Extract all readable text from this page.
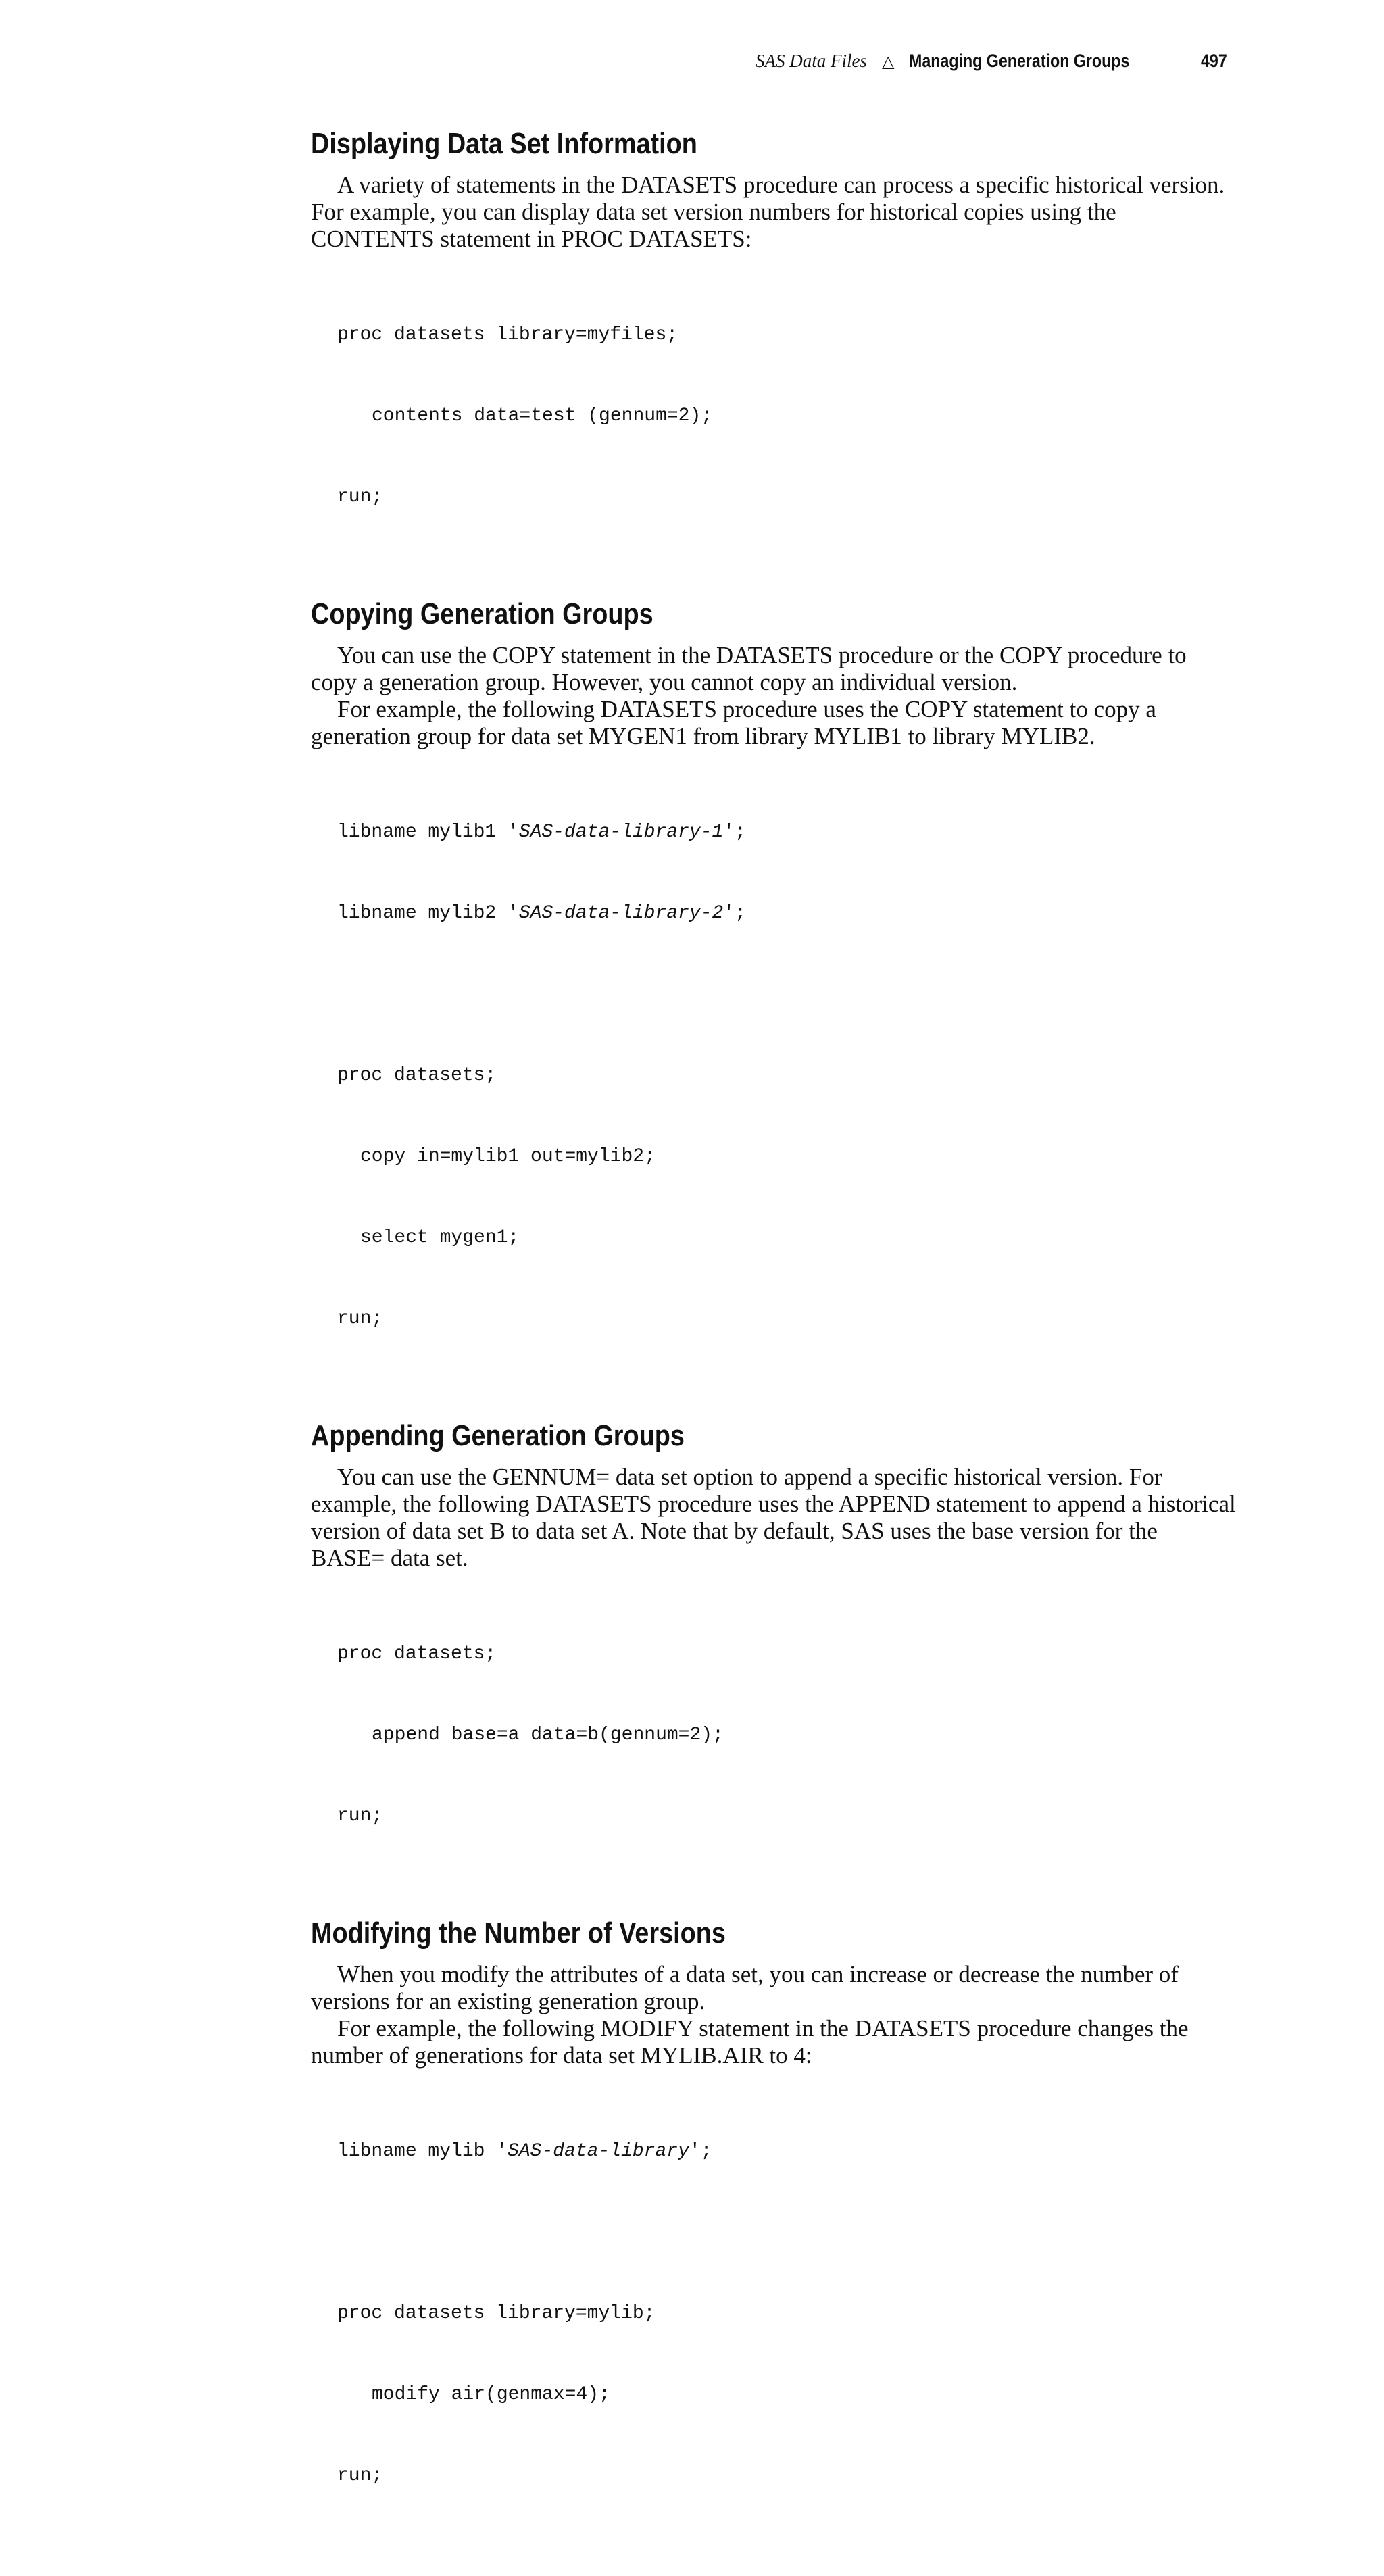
SAS Data Files △ Managing Generation Groups	497
Displaying Data Set Information

A variety of statements in the DATASETS procedure can process a specific historical version. For example, you can display data set version numbers for historical copies using the CONTENTS statement in PROC DATASETS:

proc datasets library=myfiles;

contents data=test (gennum=2);

run;

Copying Generation Groups

You can use the COPY statement in the DATASETS procedure or the COPY procedure to copy a generation group. However, you cannot copy an individual version.

For example, the following DATASETS procedure uses the COPY statement to copy a generation group for data set MYGEN1 from library MYLIB1 to library MYLIB2.

libname mylib1 'SAS-data-library-1';

libname mylib2 'SAS-data-library-2';

proc datasets;

copy in=mylib1 out=mylib2;

select mygen1;

run;

Appending Generation Groups

You can use the GENNUM= data set option to append a specific historical version. For example, the following DATASETS procedure uses the APPEND statement to append a historical version of data set B to data set A. Note that by default, SAS uses the base version for the BASE= data set.

proc datasets;

append base=a data=b(gennum=2);

run;

Modifying the Number of Versions

When you modify the attributes of a data set, you can increase or decrease the number of versions for an existing generation group.

For example, the following MODIFY statement in the DATASETS procedure changes the number of generations for data set MYLIB.AIR to 4:

libname mylib 'SAS-data-library';

proc datasets library=mylib;

modify air(genmax=4);

run;
